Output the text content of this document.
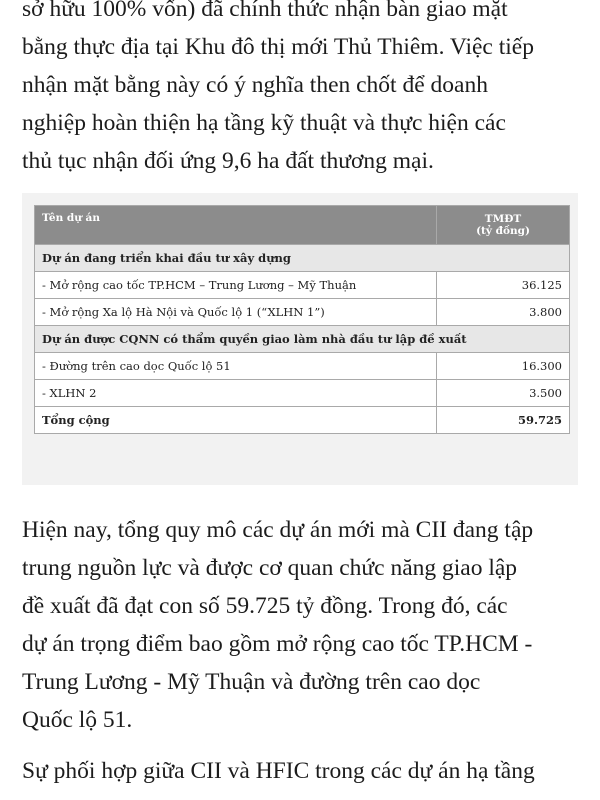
sở hữu 100% vốn) đã chính thức nhận bàn giao mặt
bằng thực địa tại Khu đô thị mới Thủ Thiêm. Việc tiếp
nhận mặt bằng này có ý nghĩa then chốt để doanh
nghiệp hoàn thiện hạ tầng kỹ thuật và thực hiện các
thủ tục nhận đối ứng 9,6 ha đất thương mại.
Tên dự án	TMĐT
(tỷ đồng)
Dự án đang triển khai đầu tư xây dựng	
- Mở rộng cao tốc TP.HCM – Trung Lương – Mỹ Thuận	36.125
- Mở rộng Xa lộ Hà Nội và Quốc lộ 1 (“XLHN 1”)	3.800
Dự án được CQNN có thẩm quyền giao làm nhà đầu tư lập đề xuất	
- Đường trên cao dọc Quốc lộ 51	16.300
- XLHN 2	3.500
Tổng cộng	59.725
Hiện nay, tổng quy mô các dự án mới mà CII đang tập
trung nguồn lực và được cơ quan chức năng giao lập
đề xuất đã đạt con số 59.725 tỷ đồng. Trong đó, các
dự án trọng điểm bao gồm mở rộng cao tốc TP.HCM -
Trung Lương - Mỹ Thuận và đường trên cao dọc
Quốc lộ 51.
Sự phối hợp giữa CII và HFIC trong các dự án hạ tầng
